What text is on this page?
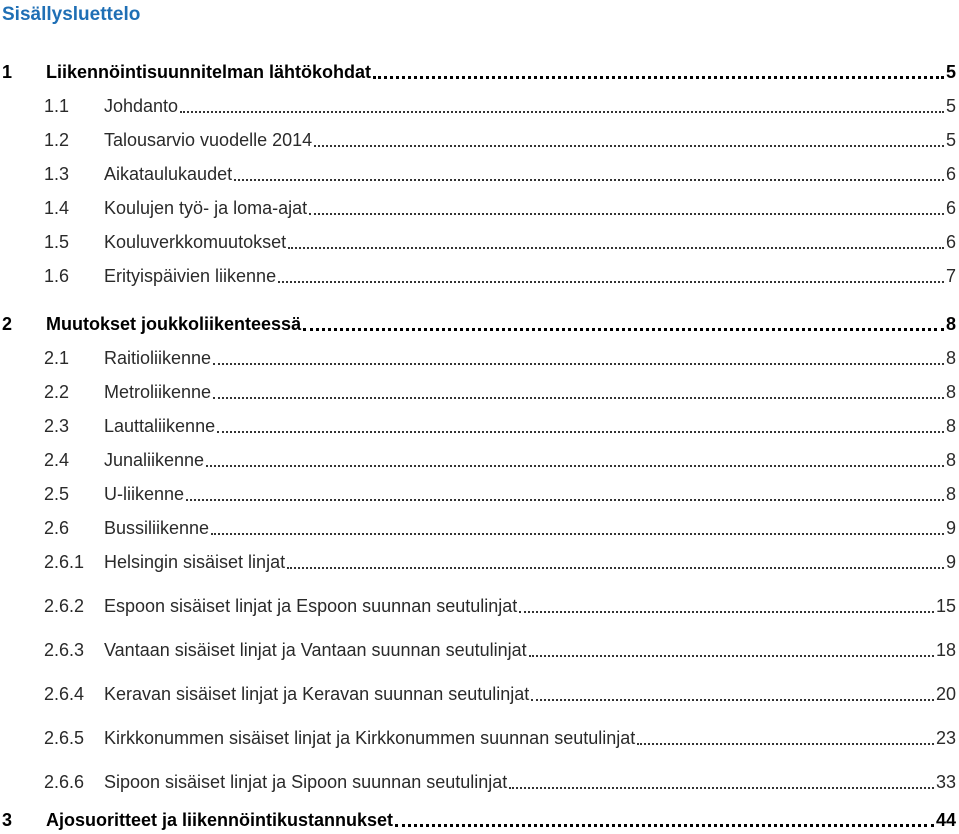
Sisällysluettelo
1	Liikennöintisuunnitelman lähtökohdat	5
1.1	Johdanto	5
1.2	Talousarvio vuodelle 2014	5
1.3	Aikataulukaudet	6
1.4	Koulujen työ- ja loma-ajat	6
1.5	Kouluverkkomuutokset	6
1.6	Erityispäivien liikenne	7
2	Muutokset joukkoliikenteessä	8
2.1	Raitioliikenne	8
2.2	Metroliikenne	8
2.3	Lauttaliikenne	8
2.4	Junaliikenne	8
2.5	U-liikenne	8
2.6	Bussiliikenne	9
2.6.1	Helsingin sisäiset linjat	9
2.6.2	Espoon sisäiset linjat ja Espoon suunnan seutulinjat	15
2.6.3	Vantaan sisäiset linjat ja Vantaan suunnan seutulinjat	18
2.6.4	Keravan sisäiset linjat ja Keravan suunnan seutulinjat	20
2.6.5	Kirkkonummen sisäiset linjat ja Kirkkonummen suunnan seutulinjat	23
2.6.6	Sipoon sisäiset linjat ja Sipoon suunnan seutulinjat	33
3	Ajosuoritteet ja liikennöintikustannukset	44
